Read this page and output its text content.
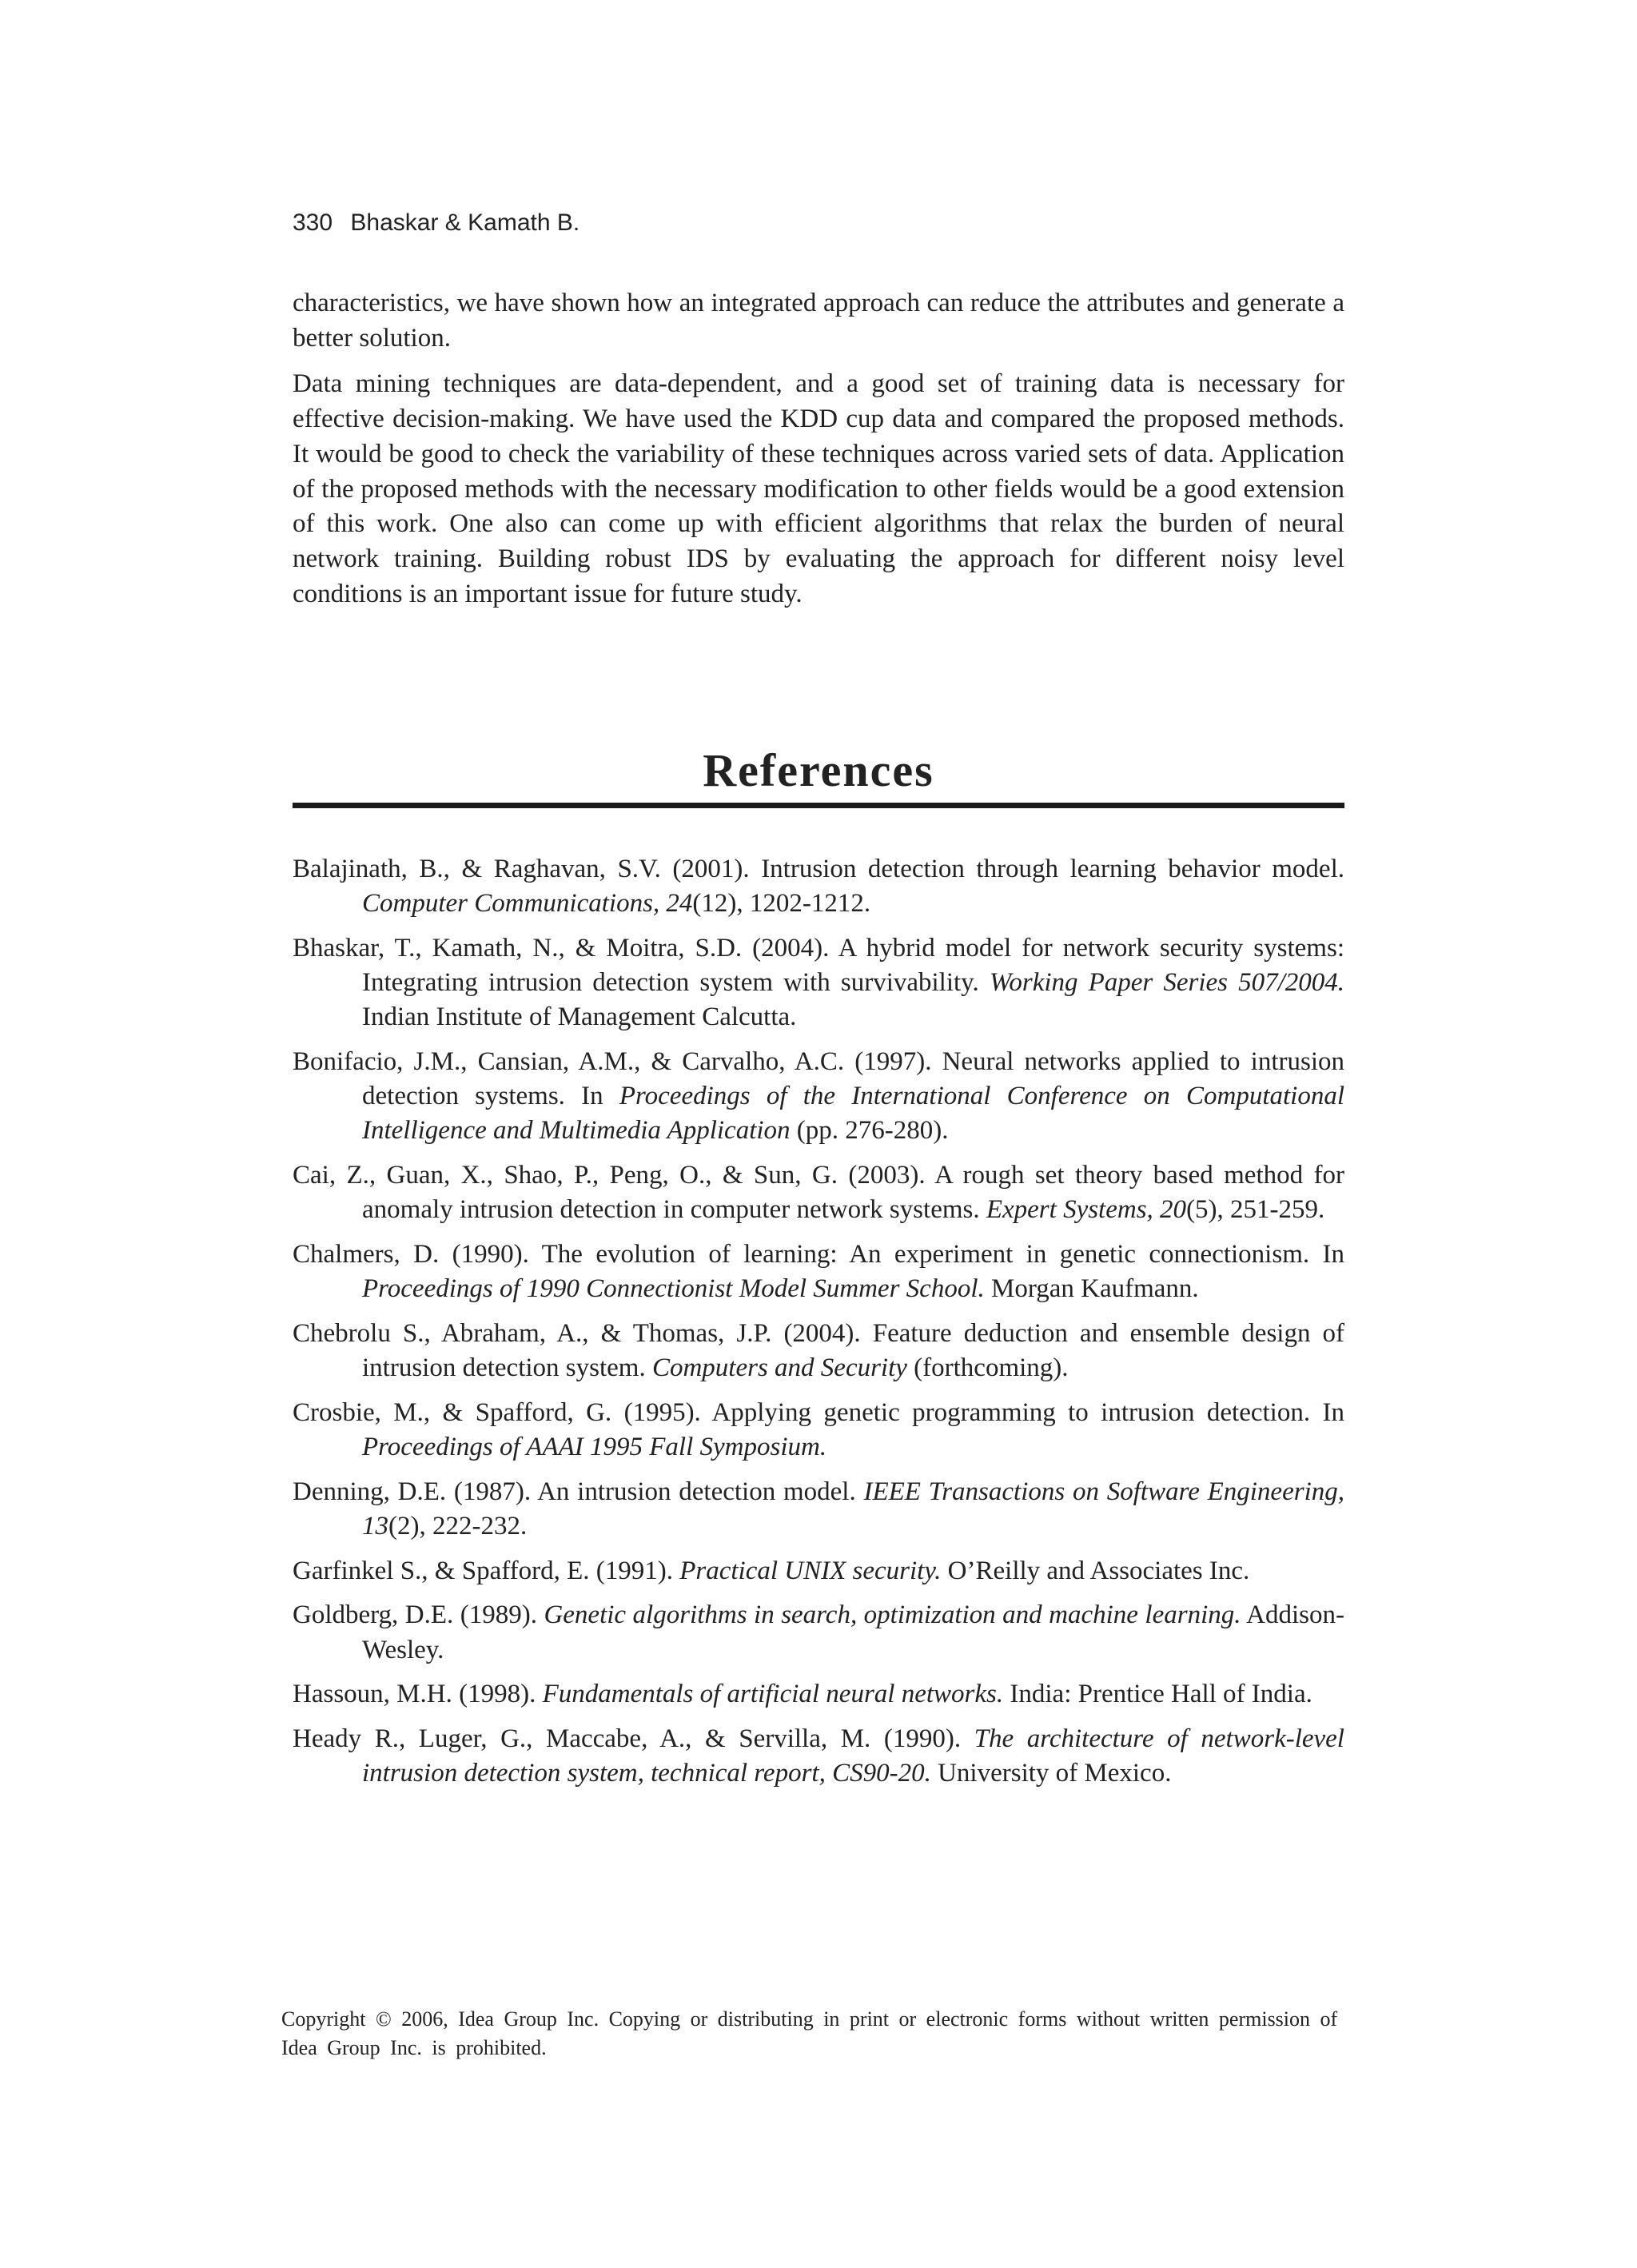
330 Bhaskar & Kamath B.

characteristics, we have shown how an integrated approach can reduce the attributes and generate a better solution.

Data mining techniques are data-dependent, and a good set of training data is necessary for effective decision-making. We have used the KDD cup data and compared the proposed methods. It would be good to check the variability of these techniques across varied sets of data. Application of the proposed methods with the necessary modification to other fields would be a good extension of this work. One also can come up with efficient algorithms that relax the burden of neural network training. Building robust IDS by evaluating the approach for different noisy level conditions is an important issue for future study.

References
Balajinath, B., & Raghavan, S.V. (2001). Intrusion detection through learning behavior model. Computer Communications, 24(12), 1202-1212.
Bhaskar, T., Kamath, N., & Moitra, S.D. (2004). A hybrid model for network security systems: Integrating intrusion detection system with survivability. Working Paper Series 507/2004. Indian Institute of Management Calcutta.
Bonifacio, J.M., Cansian, A.M., & Carvalho, A.C. (1997). Neural networks applied to intrusion detection systems. In Proceedings of the International Conference on Computational Intelligence and Multimedia Application (pp. 276-280).
Cai, Z., Guan, X., Shao, P., Peng, O., & Sun, G. (2003). A rough set theory based method for anomaly intrusion detection in computer network systems. Expert Systems, 20(5), 251-259.
Chalmers, D. (1990). The evolution of learning: An experiment in genetic connectionism. In Proceedings of 1990 Connectionist Model Summer School. Morgan Kaufmann.
Chebrolu S., Abraham, A., & Thomas, J.P. (2004). Feature deduction and ensemble design of intrusion detection system. Computers and Security (forthcoming).
Crosbie, M., & Spafford, G. (1995). Applying genetic programming to intrusion detection. In Proceedings of AAAI 1995 Fall Symposium.
Denning, D.E. (1987). An intrusion detection model. IEEE Transactions on Software Engineering, 13(2), 222-232.
Garfinkel S., & Spafford, E. (1991). Practical UNIX security. O’Reilly and Associates Inc.
Goldberg, D.E. (1989). Genetic algorithms in search, optimization and machine learning. Addison-Wesley.
Hassoun, M.H. (1998). Fundamentals of artificial neural networks. India: Prentice Hall of India.
Heady R., Luger, G., Maccabe, A., & Servilla, M. (1990). The architecture of network-level intrusion detection system, technical report, CS90-20. University of Mexico.
Copyright © 2006, Idea Group Inc. Copying or distributing in print or electronic forms without written permission of Idea Group Inc. is prohibited.
